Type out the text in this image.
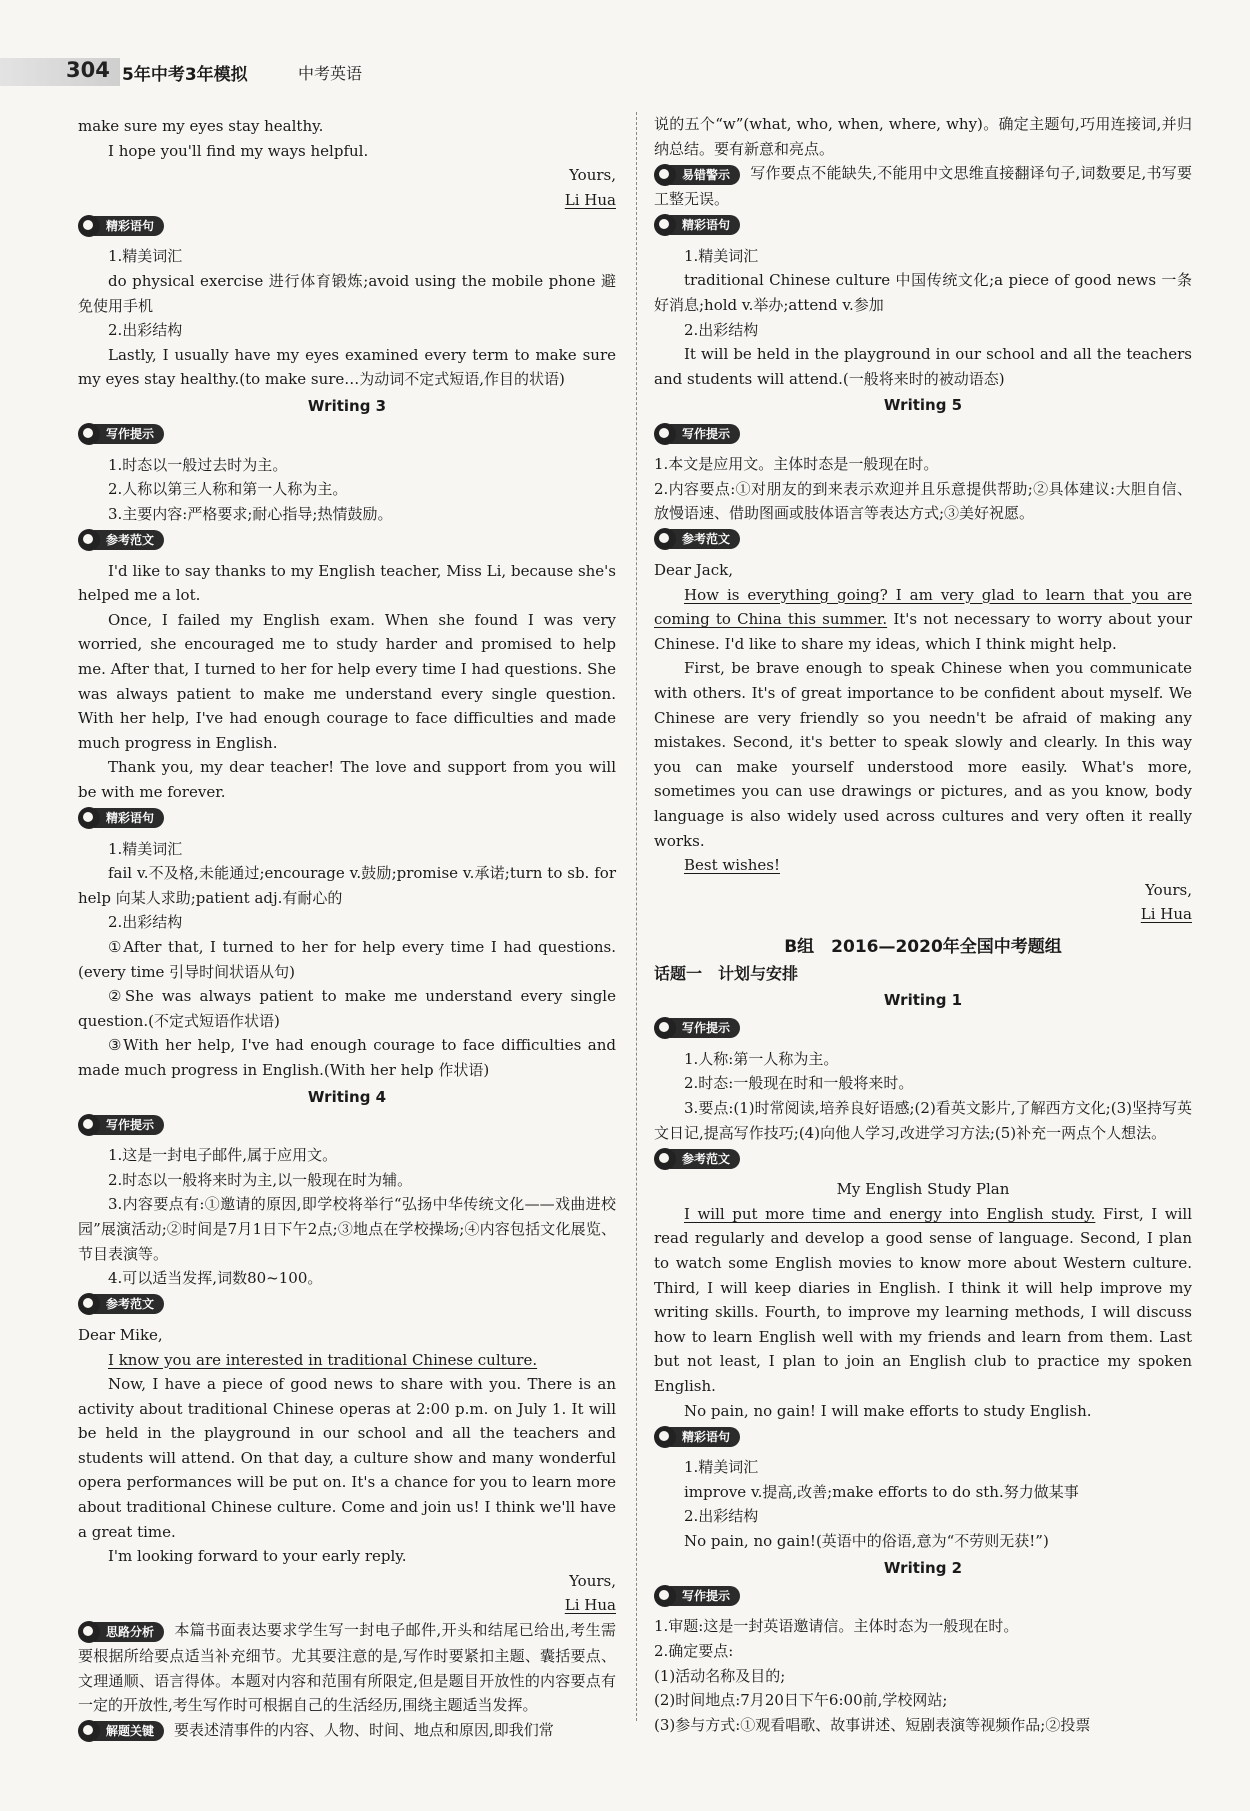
304 5年中考3年模拟	中考英语

make sure my eyes stay healthy.

I hope you'll find my ways helpful.

Yours,

Li Hua

精彩语句

1.精美词汇

do physical exercise 进行体育锻炼;avoid using the mobile phone 避免使用手机

2.出彩结构

Lastly, I usually have my eyes examined every term to make sure my eyes stay healthy.(to make sure…为动词不定式短语,作目的状语)

Writing 3
写作提示

1.时态以一般过去时为主。

2.人称以第三人称和第一人称为主。

3.主要内容:严格要求;耐心指导;热情鼓励。

参考范文

I'd like to say thanks to my English teacher, Miss Li, because she's helped me a lot.

Once, I failed my English exam. When she found I was very worried, she encouraged me to study harder and promised to help me. After that, I turned to her for help every time I had questions. She was always patient to make me understand every single question. With her help, I've had enough courage to face difficulties and made much progress in English.

Thank you, my dear teacher! The love and support from you will be with me forever.

精彩语句

1.精美词汇

fail v.不及格,未能通过;encourage v.鼓励;promise v.承诺;turn to sb. for help 向某人求助;patient adj.有耐心的

2.出彩结构

①After that, I turned to her for help every time I had questions.(every time 引导时间状语从句)

②She was always patient to make me understand every single question.(不定式短语作状语)

③With her help, I've had enough courage to face difficulties and made much progress in English.(With her help 作状语)

Writing 4
写作提示

1.这是一封电子邮件,属于应用文。

2.时态以一般将来时为主,以一般现在时为辅。

3.内容要点有:①邀请的原因,即学校将举行“弘扬中华传统文化——戏曲进校园”展演活动;②时间是7月1日下午2点;③地点在学校操场;④内容包括文化展览、节目表演等。

4.可以适当发挥,词数80~100。

参考范文

Dear Mike,

I know you are interested in traditional Chinese culture.

Now, I have a piece of good news to share with you. There is an activity about traditional Chinese operas at 2:00 p.m. on July 1. It will be held in the playground in our school and all the teachers and students will attend. On that day, a culture show and many wonderful opera performances will be put on. It's a chance for you to learn more about traditional Chinese culture. Come and join us! I think we'll have a great time.

I'm looking forward to your early reply.

Yours,

Li Hua

思路分析	本篇书面表达要求学生写一封电子邮件,开头和结尾已给出,考生需要根据所给要点适当补充细节。尤其要注意的是,写作时要紧扣主题、囊括要点、文理通顺、语言得体。本题对内容和范围有所限定,但是题目开放性的内容要点有一定的开放性,考生写作时可根据自己的生活经历,围绕主题适当发挥。

解题关键	要表述清事件的内容、人物、时间、地点和原因,即我们常

说的五个“w”(what, who, when, where, why)。确定主题句,巧用连接词,并归纳总结。要有新意和亮点。

易错警示	写作要点不能缺失,不能用中文思维直接翻译句子,词数要足,书写要工整无误。

精彩语句

1.精美词汇

traditional Chinese culture 中国传统文化;a piece of good news 一条好消息;hold v.举办;attend v.参加

2.出彩结构

It will be held in the playground in our school and all the teachers and students will attend.(一般将来时的被动语态)

Writing 5
写作提示

1.本文是应用文。主体时态是一般现在时。

2.内容要点:①对朋友的到来表示欢迎并且乐意提供帮助;②具体建议:大胆自信、放慢语速、借助图画或肢体语言等表达方式;③美好祝愿。

参考范文

Dear Jack,

How is everything going? I am very glad to learn that you are coming to China this summer. It's not necessary to worry about your Chinese. I'd like to share my ideas, which I think might help.

First, be brave enough to speak Chinese when you communicate with others. It's of great importance to be confident about myself. We Chinese are very friendly so you needn't be afraid of making any mistakes. Second, it's better to speak slowly and clearly. In this way you can make yourself understood more easily. What's more, sometimes you can use drawings or pictures, and as you know, body language is also widely used across cultures and very often it really works.

Best wishes!

Yours,

Li Hua

B组　2016—2020年全国中考题组
话题一　计划与安排
Writing 1
写作提示

1.人称:第一人称为主。

2.时态:一般现在时和一般将来时。

3.要点:(1)时常阅读,培养良好语感;(2)看英文影片,了解西方文化;(3)坚持写英文日记,提高写作技巧;(4)向他人学习,改进学习方法;(5)补充一两点个人想法。

参考范文

My English Study Plan

I will put more time and energy into English study. First, I will read regularly and develop a good sense of language. Second, I plan to watch some English movies to know more about Western culture. Third, I will keep diaries in English. I think it will help improve my writing skills. Fourth, to improve my learning methods, I will discuss how to learn English well with my friends and learn from them. Last but not least, I plan to join an English club to practice my spoken English.

No pain, no gain! I will make efforts to study English.

精彩语句

1.精美词汇

improve v.提高,改善;make efforts to do sth.努力做某事

2.出彩结构

No pain, no gain!(英语中的俗语,意为“不劳则无获!”)

Writing 2
写作提示

1.审题:这是一封英语邀请信。主体时态为一般现在时。

2.确定要点:

(1)活动名称及目的;

(2)时间地点:7月20日下午6:00前,学校网站;

(3)参与方式:①观看唱歌、故事讲述、短剧表演等视频作品;②投票
